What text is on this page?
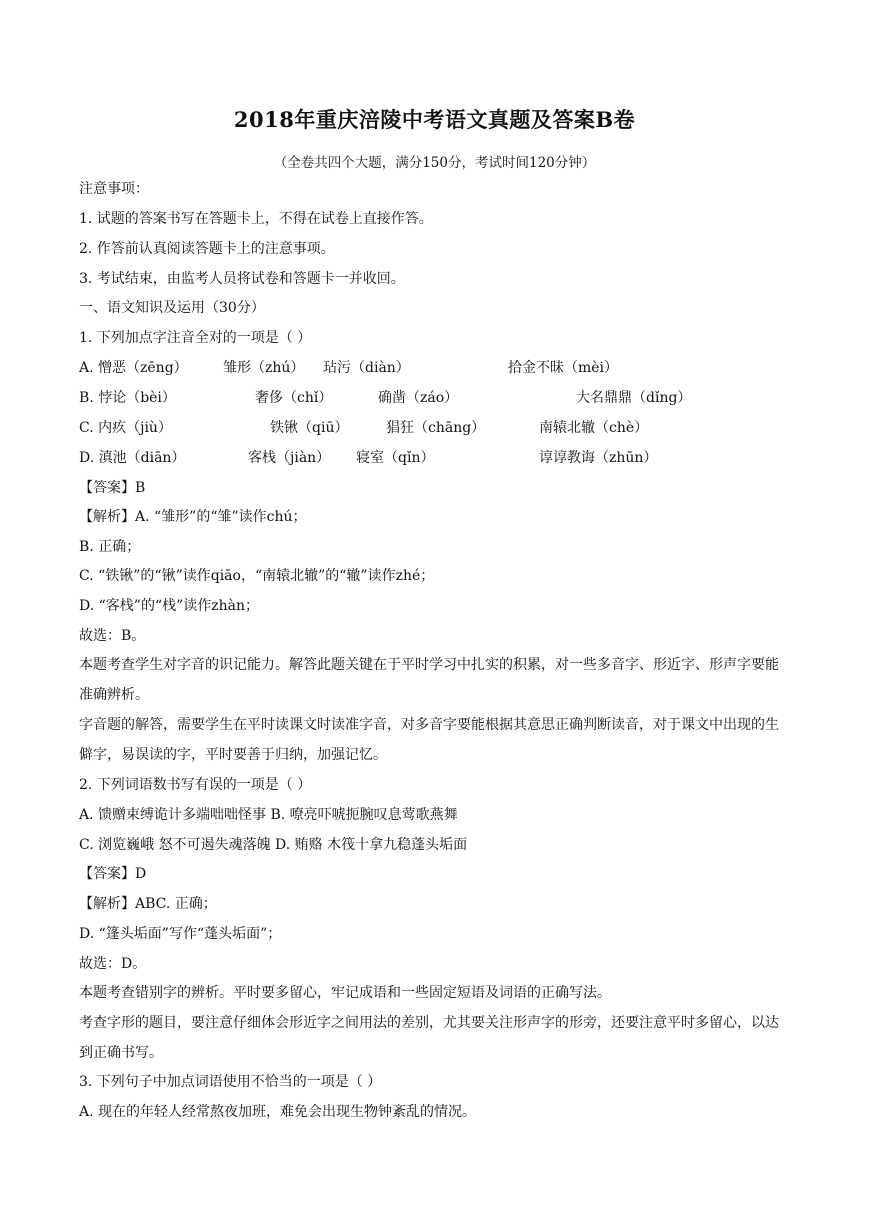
2018年重庆涪陵中考语文真题及答案B卷
（全卷共四个大题，满分150分，考试时间120分钟）
注意事项：
1. 试题的答案书写在答题卡上，不得在试卷上直接作答。
2. 作答前认真阅读答题卡上的注意事项。
3. 考试结束，由监考人员将试卷和答题卡一并收回。
一、语文知识及运用（30分）
1. 下列加点字注音全对的一项是（ ）
A. 憎恶（zēng）	雏形（zhú） 玷污（diàn）	拾金不昧（mèi）
B. 悖论（bèi）	奢侈（chǐ）	确凿（záo）	大名鼎鼎（dǐng）
C. 内疚（jiù）	铁锹（qiū）	猖狂（chāng）	南辕北辙（chè）
D. 滇池（diān）	客栈（jiàn） 寝室（qǐn）	谆谆教诲（zhūn）
【答案】B
【解析】A. “雏形”的“雏”读作chú；
B. 正确；
C. “铁锹”的“锹”读作qiāo，“南辕北辙”的“辙”读作zhé；
D. “客栈”的“栈”读作zhàn；
故选：B。
本题考查学生对字音的识记能力。解答此题关键在于平时学习中扎实的积累，对一些多音字、形近字、形声字要能准确辨析。
字音题的解答，需要学生在平时读课文时读准字音，对多音字要能根据其意思正确判断读音，对于课文中出现的生僻字，易误读的字，平时要善于归纳，加强记忆。
2. 下列词语数书写有误的一项是（ ）
A. 馈赠束缚诡计多端咄咄怪事 B. 嘹亮吓唬扼腕叹息莺歌燕舞
C. 浏览巍峨 怒不可遏失魂落魄 D. 贿赂 木筏十拿九稳蓬头垢面
【答案】D
【解析】ABC. 正确；
D. “篷头垢面”写作“蓬头垢面”；
故选：D。
本题考查错别字的辨析。平时要多留心，牢记成语和一些固定短语及词语的正确写法。
考查字形的题目，要注意仔细体会形近字之间用法的差别，尤其要关注形声字的形旁，还要注意平时多留心，以达到正确书写。
3. 下列句子中加点词语使用不恰当的一项是（ ）
A. 现在的年轻人经常熬夜加班，难免会出现生物钟紊乱的情况。
